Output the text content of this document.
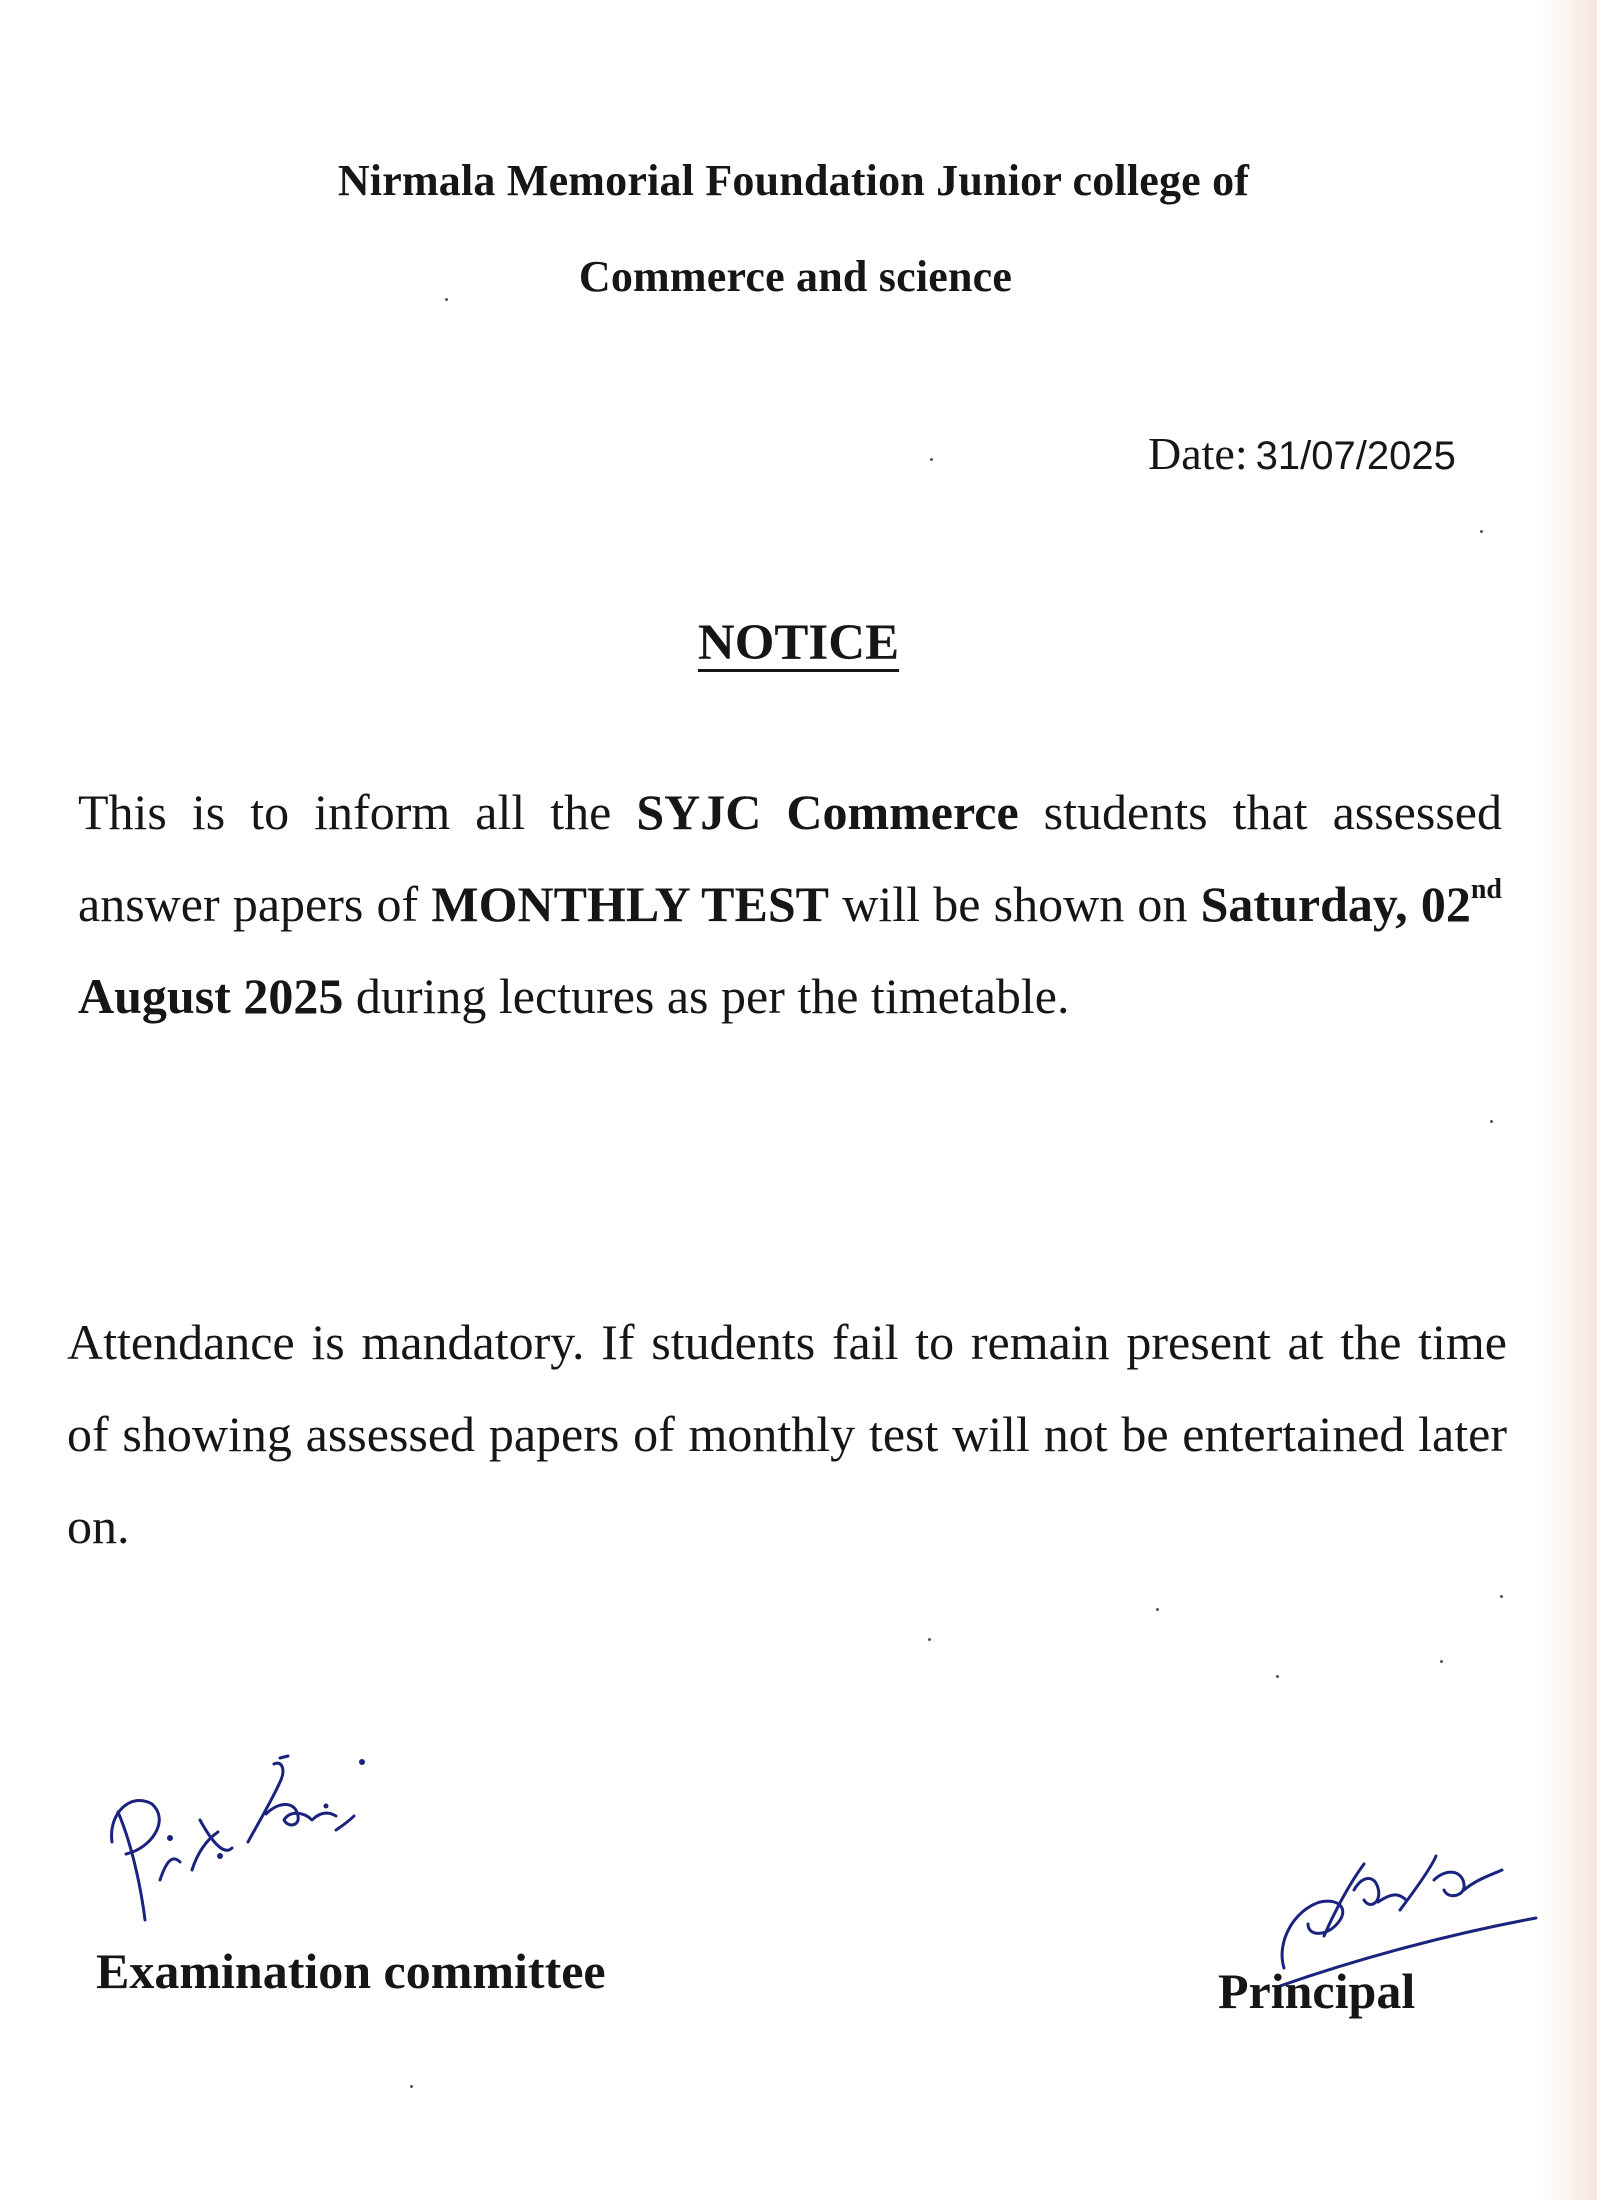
Nirmala Memorial Foundation Junior college of
Commerce and science
Date: 31/07/2025
NOTICE
This is to inform all the SYJC Commerce students that assessed answer papers of MONTHLY TEST will be shown on Saturday, 02nd August 2025 during lectures as per the timetable.
Attendance is mandatory. If students fail to remain present at the time of showing assessed papers of monthly test will not be entertained later on.
Examination committee	Principal
